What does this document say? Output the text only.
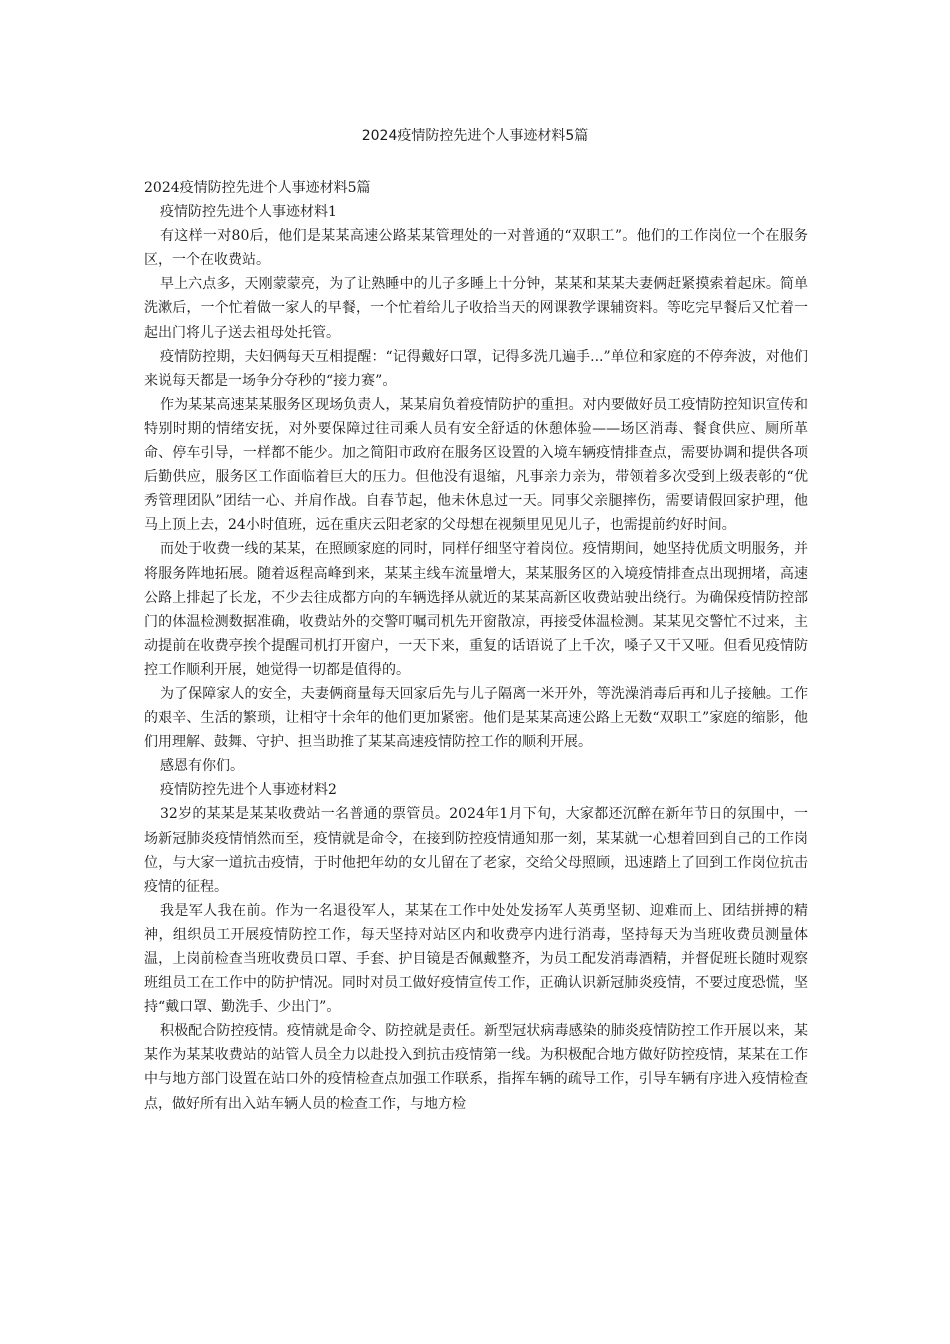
2024疫情防控先进个人事迹材料5篇

2024疫情防控先进个人事迹材料5篇

疫情防控先进个人事迹材料1

有这样一对80后，他们是某某高速公路某某管理处的一对普通的“双职工”。他们的工作岗位一个在服务区，一个在收费站。

早上六点多，天刚蒙蒙亮，为了让熟睡中的儿子多睡上十分钟，某某和某某夫妻俩赶紧摸索着起床。简单洗漱后，一个忙着做一家人的早餐，一个忙着给儿子收拾当天的网课教学课辅资料。等吃完早餐后又忙着一起出门将儿子送去祖母处托管。

疫情防控期，夫妇俩每天互相提醒：“记得戴好口罩，记得多洗几遍手...”单位和家庭的不停奔波，对他们来说每天都是一场争分夺秒的“接力赛”。

作为某某高速某某服务区现场负责人，某某肩负着疫情防护的重担。对内要做好员工疫情防控知识宣传和特别时期的情绪安抚，对外要保障过往司乘人员有安全舒适的休憩体验——场区消毒、餐食供应、厕所革命、停车引导，一样都不能少。加之简阳市政府在服务区设置的入境车辆疫情排查点，需要协调和提供各项后勤供应，服务区工作面临着巨大的压力。但他没有退缩，凡事亲力亲为，带领着多次受到上级表彰的“优秀管理团队”团结一心、并肩作战。自春节起，他未休息过一天。同事父亲腿摔伤，需要请假回家护理，他马上顶上去，24小时值班，远在重庆云阳老家的父母想在视频里见见儿子，也需提前约好时间。

而处于收费一线的某某，在照顾家庭的同时，同样仔细坚守着岗位。疫情期间，她坚持优质文明服务，并将服务阵地拓展。随着返程高峰到来，某某主线车流量增大，某某服务区的入境疫情排查点出现拥堵，高速公路上排起了长龙，不少去往成都方向的车辆选择从就近的某某高新区收费站驶出绕行。为确保疫情防控部门的体温检测数据准确，收费站外的交警叮嘱司机先开窗散凉，再接受体温检测。某某见交警忙不过来，主动提前在收费亭挨个提醒司机打开窗户，一天下来，重复的话语说了上千次，嗓子又干又哑。但看见疫情防控工作顺利开展，她觉得一切都是值得的。

为了保障家人的安全，夫妻俩商量每天回家后先与儿子隔离一米开外，等洗澡消毒后再和儿子接触。工作的艰辛、生活的繁琐，让相守十余年的他们更加紧密。他们是某某高速公路上无数“双职工”家庭的缩影，他们用理解、鼓舞、守护、担当助推了某某高速疫情防控工作的顺利开展。

感恩有你们。

疫情防控先进个人事迹材料2

32岁的某某是某某收费站一名普通的票管员。2024年1月下旬，大家都还沉醉在新年节日的氛围中，一场新冠肺炎疫情悄然而至，疫情就是命令，在接到防控疫情通知那一刻，某某就一心想着回到自己的工作岗位，与大家一道抗击疫情，于时他把年幼的女儿留在了老家，交给父母照顾，迅速踏上了回到工作岗位抗击疫情的征程。

我是军人我在前。作为一名退役军人，某某在工作中处处发扬军人英勇坚韧、迎难而上、团结拼搏的精神，组织员工开展疫情防控工作，每天坚持对站区内和收费亭内进行消毒，坚持每天为当班收费员测量体温，上岗前检查当班收费员口罩、手套、护目镜是否佩戴整齐，为员工配发消毒酒精，并督促班长随时观察班组员工在工作中的防护情况。同时对员工做好疫情宣传工作，正确认识新冠肺炎疫情，不要过度恐慌，坚持“戴口罩、勤洗手、少出门”。

积极配合防控疫情。疫情就是命令、防控就是责任。新型冠状病毒感染的肺炎疫情防控工作开展以来，某某作为某某收费站的站管人员全力以赴投入到抗击疫情第一线。为积极配合地方做好防控疫情，某某在工作中与地方部门设置在站口外的疫情检查点加强工作联系，指挥车辆的疏导工作，引导车辆有序进入疫情检查点，做好所有出入站车辆人员的检查工作，与地方检
